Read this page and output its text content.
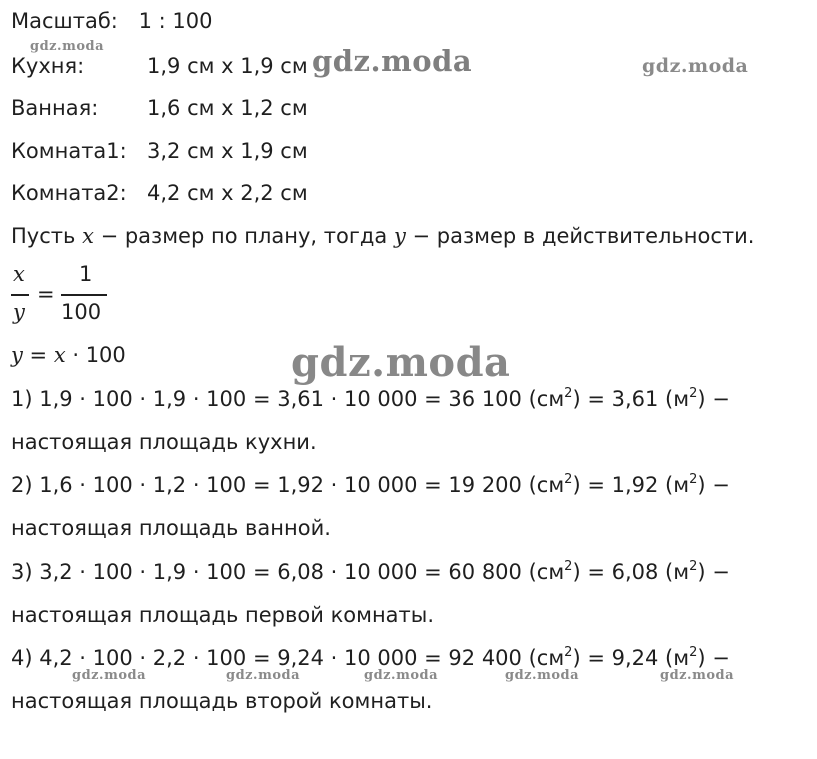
Масштаб: 1 : 100
Кухня:	1,9 см х 1,9 см
Ванная: 1,6 см х 1,2 см
Комната1: 3,2 см х 1,9 см
Комната2: 4,2 см х 2,2 см
Пусть x − размер по плану, тогда y − размер в действительности.
x
y
=
1
100
y = x · 100
1) 1,9 · 100 · 1,9 · 100 = 3,61 · 10 000 = 36 100 $(см^2) = 3,61$ $(м^2)$ −
настоящая площадь кухни.
2) 1,6 · 100 · 1,2 · 100 = 1,92 · 10 000 = 19 200 $(см^2) = 1,92$ $(м^2)$ −
настоящая площадь ванной.
3) 3,2 · 100 · 1,9 · 100 = 6,08 · 10 000 = 60 800 $(см^2) = 6,08$ $(м^2)$ −
настоящая площадь первой комнаты.
4) 4,2 · 100 · 2,2 · 100 = 9,24 · 10 000 = 92 400 $(см^2) = 9,24$ $(м^2)$ −
настоящая площадь второй комнаты.
gdz.moda	gdz.moda	gdz.moda
gdz.moda
gdz.moda	gdz.moda	gdz.moda	gdz.moda	gdz.moda
